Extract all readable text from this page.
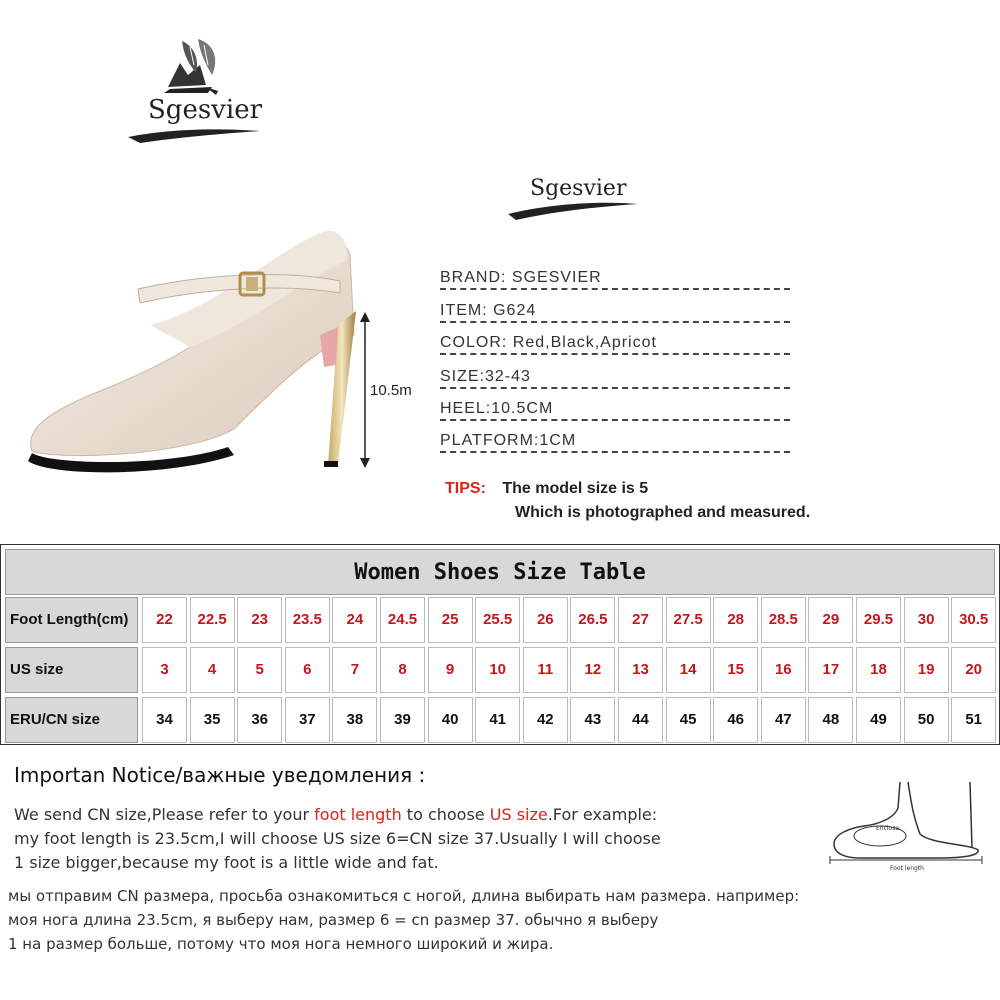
Sgesvier
Sgesvier
10.5m
BRAND: SGESVIER
ITEM: G624
COLOR: Red,Black,Apricot
SIZE:32-43
HEEL:10.5CM
PLATFORM:1CM
TIPS: The model size is 5
Which is photographed and measured.
Women Shoes Size Table
Foot Length(cm)	22	22.5	23	23.5	24	24.5	25	25.5	26	26.5	27	27.5	28	28.5	29	29.5	30	30.5
US size	3	4	5	6	7	8	9	10	11	12	13	14	15	16	17	18	19	20
ERU/CN size	34	35	36	37	38	39	40	41	42	43	44	45	46	47	48	49	50	51
Importan Notice/важные уведомления :
We send CN size,Please refer to your foot length to choose US size.For example:
my foot length is 23.5cm,I will choose US size 6=CN size 37.Usually I will choose
1 size bigger,because my foot is a little wide and fat.
мы отправим CN размера, просьба ознакомиться с ногой, длина выбирать нам размера. например:
моя нога длина 23.5cm, я выберу нам, размер 6 = cn размер 37. обычно я выберу
1 на размер больше, потому что моя нога немного широкий и жира.
Enclose
Foot length
